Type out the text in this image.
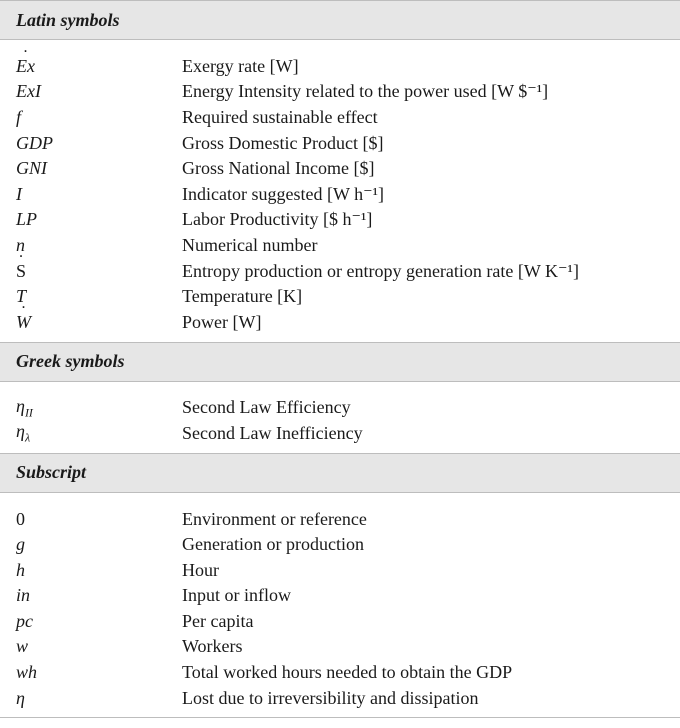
Latin symbols
˙ Ex	Exergy rate [W]
ExI	Energy Intensity related to the power used [W $⁻¹]
f	Required sustainable effect
GDP	Gross Domestic Product [$]
GNI	Gross National Income [$]
I	Indicator suggested [W h⁻¹]
LP	Labor Productivity [$ h⁻¹]
n	Numerical number
˙ S	Entropy production or entropy generation rate [W K⁻¹]
T	Temperature [K]
˙ W	Power [W]
Greek symbols
$\eta_{II}$	Second Law Efficiency
$\eta_\lambda$	Second Law Inefficiency
Subscript
0	Environment or reference
g	Generation or production
h	Hour
in	Input or inflow
pc	Per capita
w	Workers
wh	Total worked hours needed to obtain the GDP
η	Lost due to irreversibility and dissipation
